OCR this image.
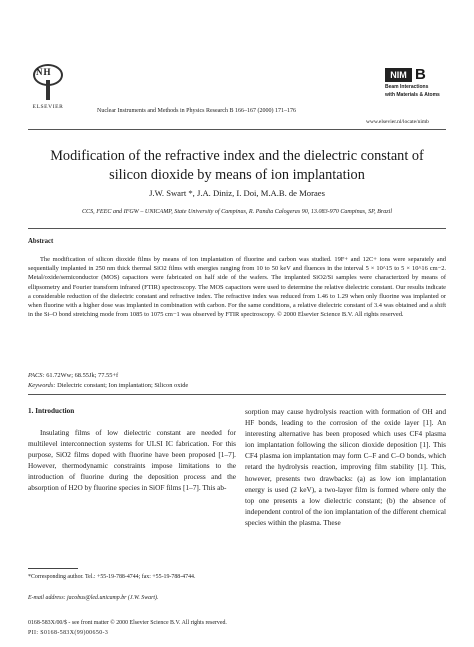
NH
ELSEVIER
Nuclear Instruments and Methods in Physics Research B 166–167 (2000) 171–176
NIM B
Beam Interactions
with Materials & Atoms
www.elsevier.nl/locate/nimb
Modification of the refractive index and the dielectric constant of
silicon dioxide by means of ion implantation
J.W. Swart *, J.A. Diniz, I. Doi, M.A.B. de Moraes
CCS, FEEC and IFGW – UNICAMP, State University of Campinas, R. Pandia Calogeras 90, 13.083-970 Campinas, SP, Brazil
Abstract
The modification of silicon dioxide films by means of ion implantation of fluorine and carbon was studied. 19F+ and 12C+ ions were separately and sequentially implanted in 250 nm thick thermal SiO2 films with energies ranging from 10 to 50 keV and fluences in the interval 5 × 10^15 to 5 × 10^16 cm−2. Metal/oxide/semiconductor (MOS) capacitors were fabricated on half side of the wafers. The implanted SiO2/Si samples were characterized by means of ellipsometry and Fourier transform infrared (FTIR) spectroscopy. The MOS capacitors were used to determine the relative dielectric constant. Our results indicate a considerable reduction of the dielectric constant and refractive index. The refractive index was reduced from 1.46 to 1.29 when only fluorine was implanted or when fluorine with a higher dose was implanted in combination with carbon. For the same conditions, a relative dielectric constant of 3.4 was obtained and a shift in the Si–O bond stretching mode from 1085 to 1075 cm−1 was observed by FTIR spectroscopy. © 2000 Elsevier Science B.V. All rights reserved.
PACS: 61.72Ww; 68.55Jk; 77.55+f
Keywords: Dielectric constant; Ion implantation; Silicon oxide
1. Introduction
Insulating films of low dielectric constant are needed for multilevel interconnection systems for ULSI IC fabrication. For this purpose, SiO2 films doped with fluorine have been proposed [1–7]. However, thermodynamic constraints impose limitations to the introduction of fluorine during the deposition process and the absorption of H2O by fluorine species in SiOF films [1–7]. This ab-
sorption may cause hydrolysis reaction with formation of OH and HF bonds, leading to the corrosion of the oxide layer [1]. An interesting alternative has been proposed which uses CF4 plasma ion implantation following the silicon dioxide deposition [1]. This CF4 plasma ion implantation may form C–F and C–O bonds, which retard the hydrolysis reaction, improving film stability [1]. This, however, presents two drawbacks: (a) as low ion implantation energy is used (2 keV), a two-layer film is formed where only the top one presents a low dielectric constant; (b) the absence of independent control of the ion implantation of the different chemical species within the plasma. These
*Corresponding author. Tel.: +55-19-788-4744; fax: +55-19-788-4744.
E-mail address: jacobus@led.unicamp.br (J.W. Swart).
0168-583X/00/$ - see front matter © 2000 Elsevier Science B.V. All rights reserved.
PII: S0168-583X(99)00650-3
